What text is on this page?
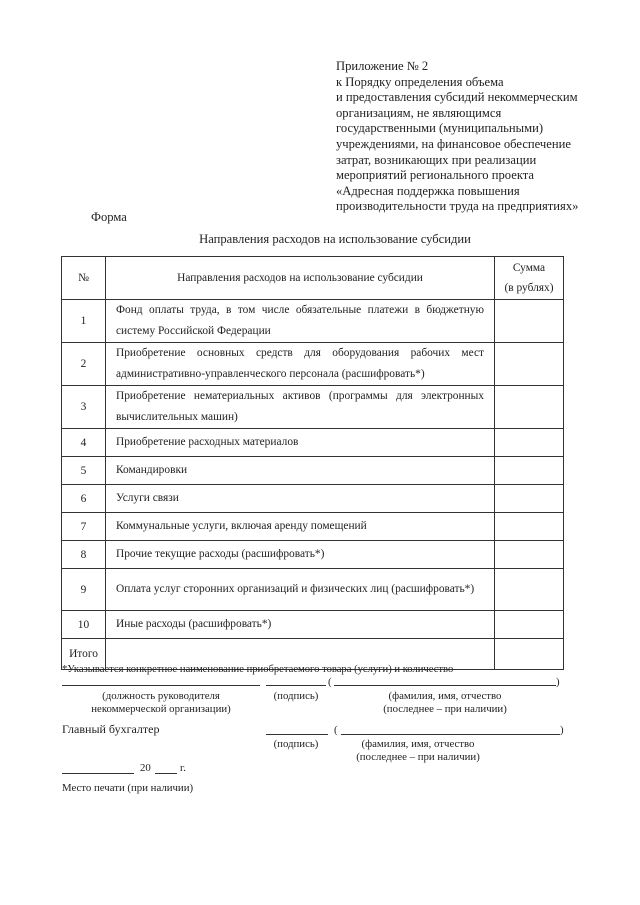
Приложение № 2
к Порядку определения объема
и предоставления субсидий некоммерческим
организациям, не являющимся
государственными (муниципальными)
учреждениями, на финансовое обеспечение
затрат, возникающих при реализации
мероприятий регионального проекта
«Адресная поддержка повышения
производительности труда на предприятиях»
Форма
Направления расходов на использование субсидии
№	Направления расходов на использование субсидии	Сумма
(в рублях)

1	Фонд оплаты труда, в том числе обязательные платежи в бюджетную систему Российской Федерации	
2	Приобретение основных средств для оборудования рабочих мест административно-управленческого персонала (расшифровать*)	
3	Приобретение нематериальных активов (программы для электронных вычислительных машин)	
4	Приобретение расходных материалов	
5	Командировки	
6	Услуги связи	
7	Коммунальные услуги, включая аренду помещений	
8	Прочие текущие расходы (расшифровать*)	
9	Оплата услуг сторонних организаций и физических лиц (расшифровать*)	
10	Иные расходы (расшифровать*)	
Итого		
*Указывается конкретное наименование приобретаемого товара (услуги) и количество
(	)
(должность руководителя
некоммерческой организации)
(подпись)	(фамилия, имя, отчество
(последнее – при наличии)
Главный бухгалтер	(	)
(подпись)	(фамилия, имя, отчество
(последнее – при наличии)
20	г.
Место печати (при наличии)
